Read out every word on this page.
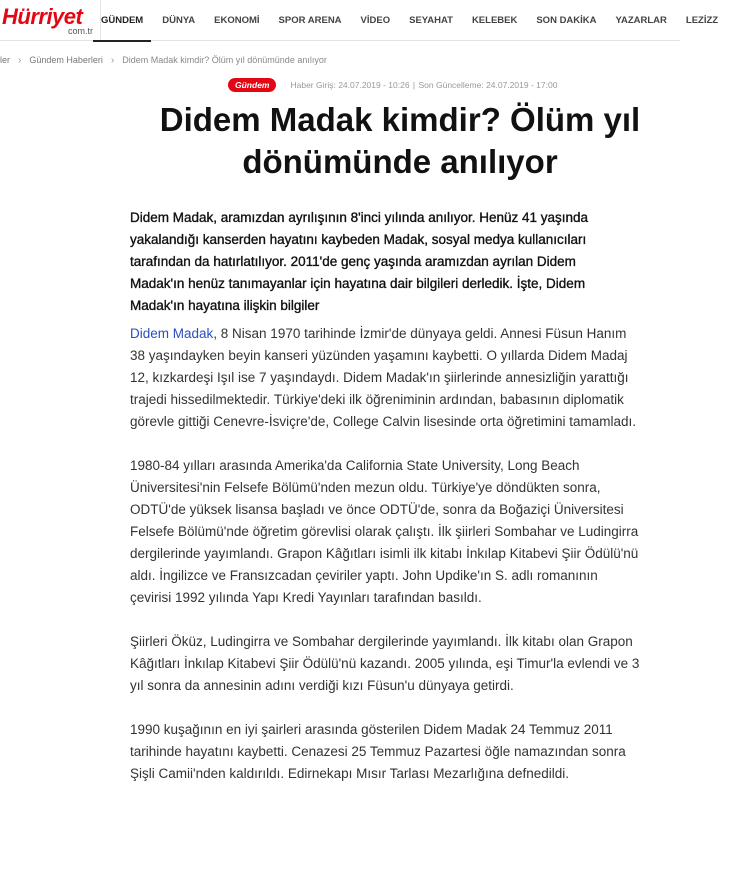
Hürriyet
com.tr
GÜNDEM DÜNYA EKONOMİ SPOR ARENA VİDEO SEYAHAT KELEBEK SON DAKİKA YAZARLAR LEZİZZ
ler › Gündem Haberleri › Didem Madak kimdir? Ölüm yıl dönümünde anılıyor
Gündem	Haber Giriş: 24.07.2019 - 10:26 | Son Güncelleme: 24.07.2019 - 17:00
Didem Madak kimdir? Ölüm yıl dönümünde anılıyor
Didem Madak, aramızdan ayrılışının 8'inci yılında anılıyor. Henüz 41 yaşında yakalandığı kanserden hayatını kaybeden Madak, sosyal medya kullanıcıları tarafından da hatırlatılıyor. 2011'de genç yaşında aramızdan ayrılan Didem Madak'ın henüz tanımayanlar için hayatına dair bilgileri derledik. İşte, Didem Madak'ın hayatına ilişkin bilgiler

Didem Madak, 8 Nisan 1970 tarihinde İzmir'de dünyaya geldi. Annesi Füsun Hanım 38 yaşındayken beyin kanseri yüzünden yaşamını kaybetti. O yıllarda Didem Madaj 12, kızkardeşi Işıl ise 7 yaşındaydı. Didem Madak'ın şiirlerinde annesizliğin yarattığı trajedi hissedilmektedir. Türkiye'deki ilk öğreniminin ardından, babasının diplomatik görevle gittiği Cenevre-İsviçre'de, College Calvin lisesinde orta öğretimini tamamladı.

1980-84 yılları arasında Amerika'da California State University, Long Beach Üniversitesi'nin Felsefe Bölümü'nden mezun oldu. Türkiye'ye döndükten sonra, ODTÜ'de yüksek lisansa başladı ve önce ODTÜ'de, sonra da Boğaziçi Üniversitesi Felsefe Bölümü'nde öğretim görevlisi olarak çalıştı. İlk şiirleri Sombahar ve Ludingirra dergilerinde yayımlandı. Grapon Kâğıtları isimli ilk kitabı İnkılap Kitabevi Şiir Ödülü'nü aldı. İngilizce ve Fransızcadan çeviriler yaptı. John Updike'ın S. adlı romanının çevirisi 1992 yılında Yapı Kredi Yayınları tarafından basıldı.

Şiirleri Öküz, Ludingirra ve Sombahar dergilerinde yayımlandı. İlk kitabı olan Grapon Kâğıtları İnkılap Kitabevi Şiir Ödülü'nü kazandı. 2005 yılında, eşi Timur'la evlendi ve 3 yıl sonra da annesinin adını verdiği kızı Füsun'u dünyaya getirdi.

1990 kuşağının en iyi şairleri arasında gösterilen Didem Madak 24 Temmuz 2011 tarihinde hayatını kaybetti. Cenazesi 25 Temmuz Pazartesi öğle namazından sonra Şişli Camii'nden kaldırıldı. Edirnekapı Mısır Tarlası Mezarlığına defnedildi.
